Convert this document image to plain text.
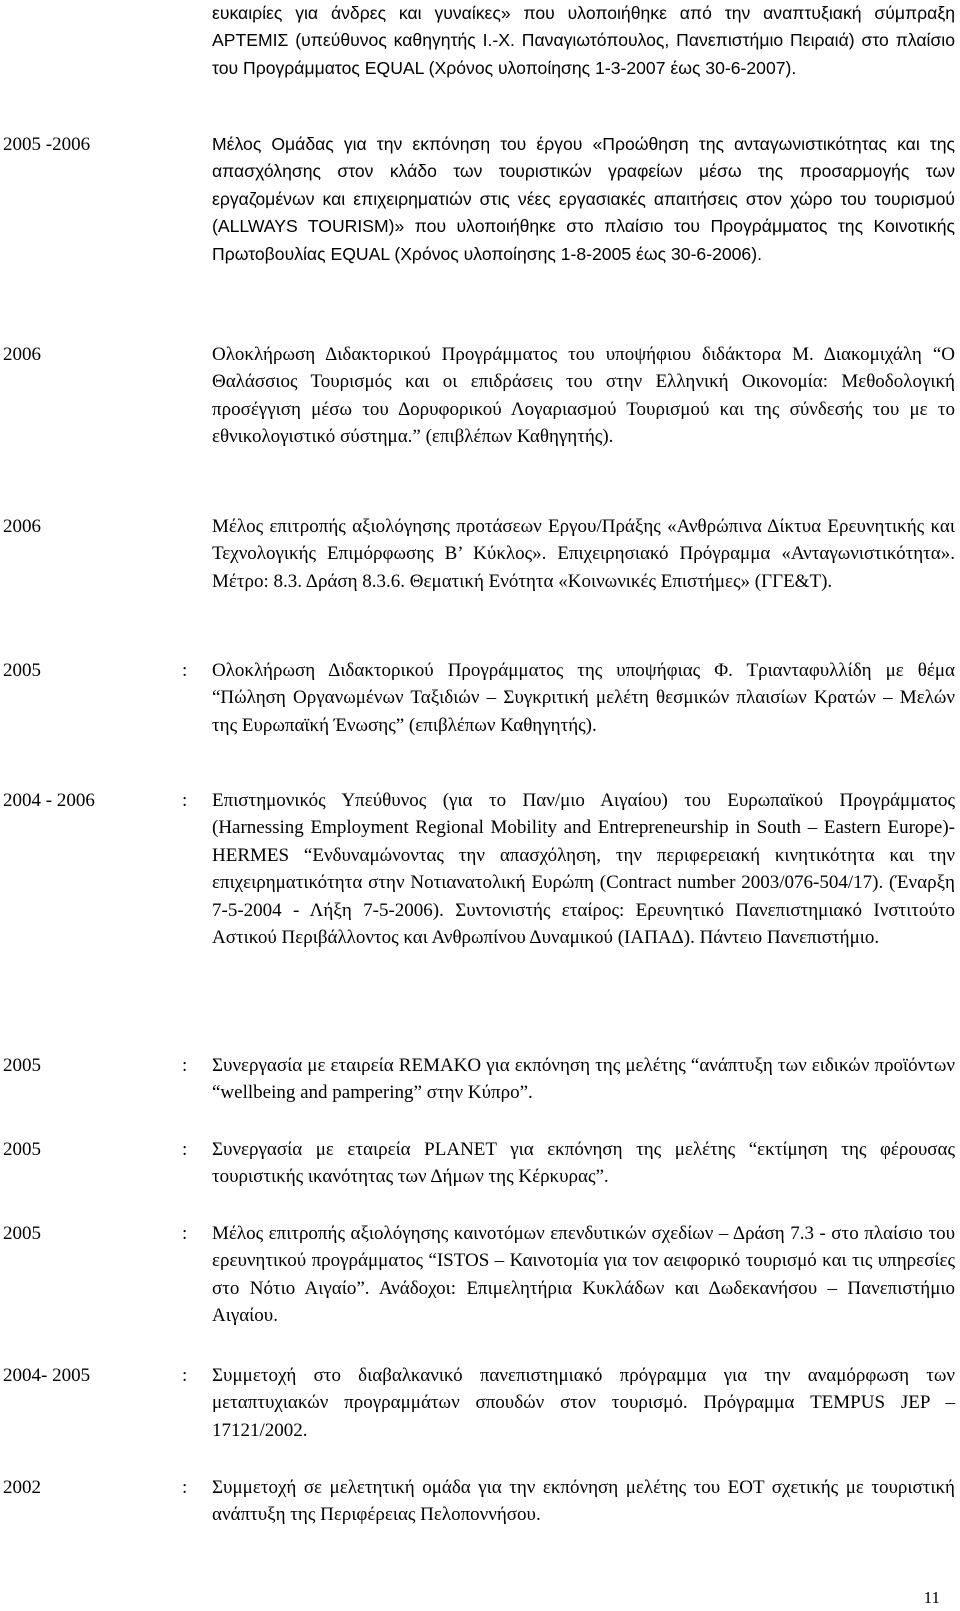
ευκαιρίες για άνδρες και γυναίκες» που υλοποιήθηκε από την αναπτυξιακή σύμπραξη ΑΡΤΕΜΙΣ (υπεύθυνος καθηγητής Ι.-Χ. Παναγιωτόπουλος, Πανεπιστήμιο Πειραιά) στο πλαίσιο του Προγράμματος EQUAL (Χρόνος υλοποίησης 1-3-2007 έως 30-6-2007).

2005 -2006	Μέλος Ομάδας για την εκπόνηση του έργου «Προώθηση της ανταγωνιστικότητας και της απασχόλησης στον κλάδο των τουριστικών γραφείων μέσω της προσαρμογής των εργαζομένων και επιχειρηματιών στις νέες εργασιακές απαιτήσεις στον χώρο του τουρισμού (ALLWAYS TOURISM)» που υλοποιήθηκε στο πλαίσιο του Προγράμματος της Κοινοτικής Πρωτοβουλίας EQUAL (Χρόνος υλοποίησης 1-8-2005 έως 30-6-2006).

2006	Ολοκλήρωση Διδακτορικού Προγράμματος του υποψήφιου διδάκτορα Μ. Διακομιχάλη “Ο Θαλάσσιος Τουρισμός και οι επιδράσεις του στην Ελληνική Οικονομία: Μεθοδολογική προσέγγιση μέσω του Δορυφορικού Λογαριασμού Τουρισμού και της σύνδεσής του με το εθνικολογιστικό σύστημα.” (επιβλέπων Καθηγητής).

2006	Μέλος επιτροπής αξιολόγησης προτάσεων Εργου/Πράξης «Ανθρώπινα Δίκτυα Ερευνητικής και Τεχνολογικής Επιμόρφωσης Β’ Κύκλος». Επιχειρησιακό Πρόγραμμα «Ανταγωνιστικότητα». Μέτρο: 8.3. Δράση 8.3.6. Θεματική Ενότητα «Κοινωνικές Επιστήμες» (ΓΓΕ&Τ).

2005	: Ολοκλήρωση Διδακτορικού Προγράμματος της υποψήφιας Φ. Τριανταφυλλίδη με θέμα “Πώληση Οργανωμένων Ταξιδιών – Συγκριτική μελέτη θεσμικών πλαισίων Κρατών – Μελών της Ευρωπαϊκή Ένωσης” (επιβλέπων Καθηγητής).

2004 - 2006	: Επιστημονικός Υπεύθυνος (για το Παν/μιο Αιγαίου) του Ευρωπαϊκού Προγράμματος (Harnessing Employment Regional Mobility and Entrepreneurship in South – Eastern Europe)-HERMES “Ενδυναμώνοντας την απασχόληση, την περιφερειακή κινητικότητα και την επιχειρηματικότητα στην Νοτιανατολική Ευρώπη (Contract number 2003/076-504/17). (Έναρξη 7-5-2004 - Λήξη 7-5-2006). Συντονιστής εταίρος: Ερευνητικό Πανεπιστημιακό Ινστιτούτο Αστικού Περιβάλλοντος και Ανθρωπίνου Δυναμικού (ΙΑΠΑΔ). Πάντειο Πανεπιστήμιο.

2005	: Συνεργασία με εταιρεία REMAKO για εκπόνηση της μελέτης “ανάπτυξη των ειδικών προϊόντων “wellbeing and pampering” στην Κύπρο”.

2005	: Συνεργασία με εταιρεία PLANET για εκπόνηση της μελέτης “εκτίμηση της φέρουσας τουριστικής ικανότητας των Δήμων της Κέρκυρας”.

2005	: Μέλος επιτροπής αξιολόγησης καινοτόμων επενδυτικών σχεδίων – Δράση 7.3 - στο πλαίσιο του ερευνητικού προγράμματος “ISTOS – Καινοτομία για τον αειφορικό τουρισμό και τις υπηρεσίες στο Νότιο Αιγαίο”. Ανάδοχοι: Επιμελητήρια Κυκλάδων και Δωδεκανήσου – Πανεπιστήμιο Αιγαίου.

2004- 2005	: Συμμετοχή στο διαβαλκανικό πανεπιστημιακό πρόγραμμα για την αναμόρφωση των μεταπτυχιακών προγραμμάτων σπουδών στον τουρισμό. Πρόγραμμα TEMPUS JEP –17121/2002.

2002	: Συμμετοχή σε μελετητική ομάδα για την εκπόνηση μελέτης του ΕΟΤ σχετικής με τουριστική ανάπτυξη της Περιφέρειας Πελοποννήσου.

11
